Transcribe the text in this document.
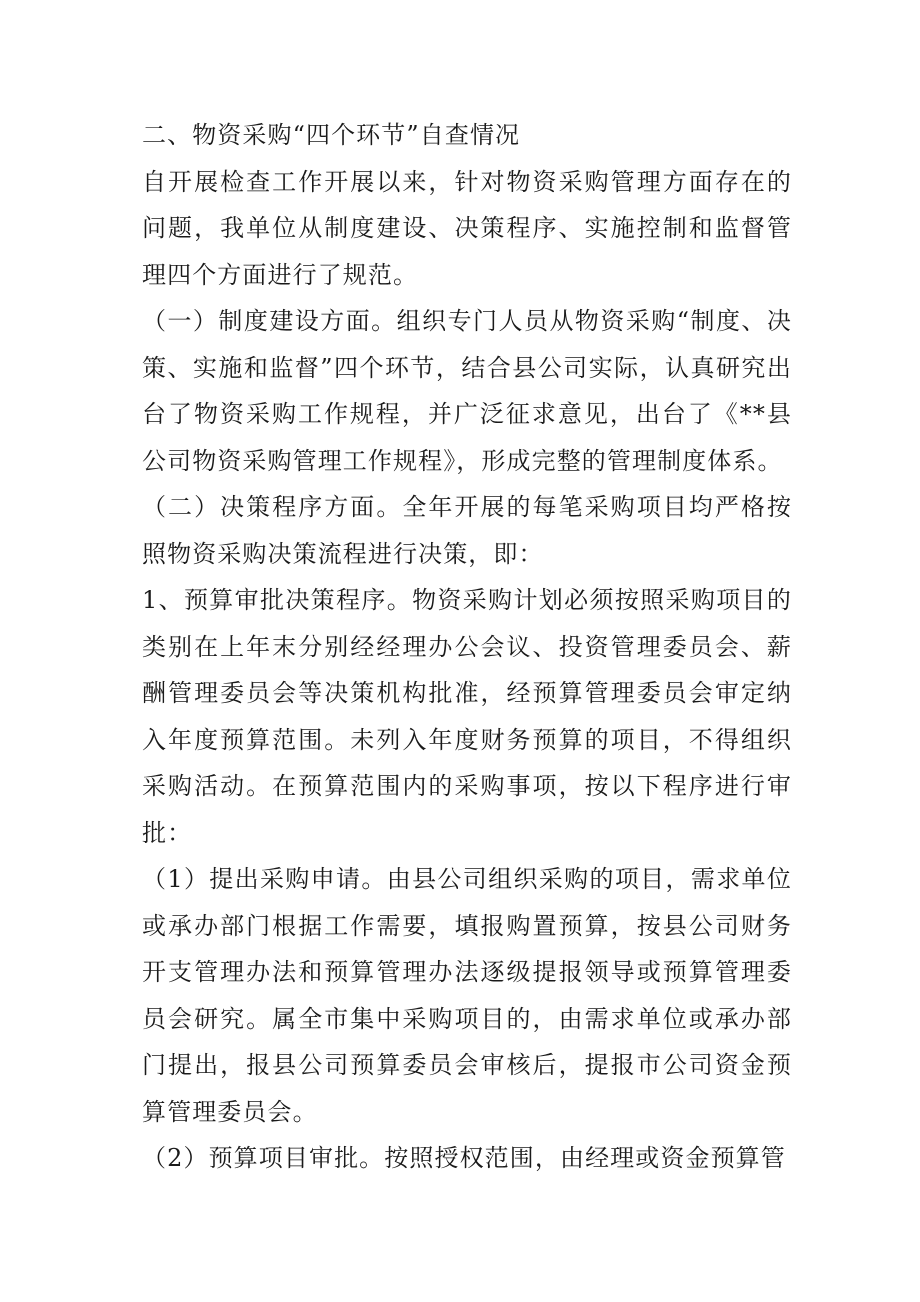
二、物资采购“四个环节”自查情况

自开展检查工作开展以来，针对物资采购管理方面存在的问题，我单位从制度建设、决策程序、实施控制和监督管理四个方面进行了规范。

（一）制度建设方面。组织专门人员从物资采购“制度、决策、实施和监督”四个环节，结合县公司实际，认真研究出台了物资采购工作规程，并广泛征求意见，出台了《**县公司物资采购管理工作规程》，形成完整的管理制度体系。

（二）决策程序方面。全年开展的每笔采购项目均严格按照物资采购决策流程进行决策，即：

1、预算审批决策程序。物资采购计划必须按照采购项目的类别在上年末分别经经理办公会议、投资管理委员会、薪酬管理委员会等决策机构批准，经预算管理委员会审定纳入年度预算范围。未列入年度财务预算的项目，不得组织采购活动。在预算范围内的采购事项，按以下程序进行审批：

（1）提出采购申请。由县公司组织采购的项目，需求单位或承办部门根据工作需要，填报购置预算，按县公司财务开支管理办法和预算管理办法逐级提报领导或预算管理委员会研究。属全市集中采购项目的，由需求单位或承办部门提出，报县公司预算委员会审核后，提报市公司资金预算管理委员会。

（2）预算项目审批。按照授权范围，由经理或资金预算管
